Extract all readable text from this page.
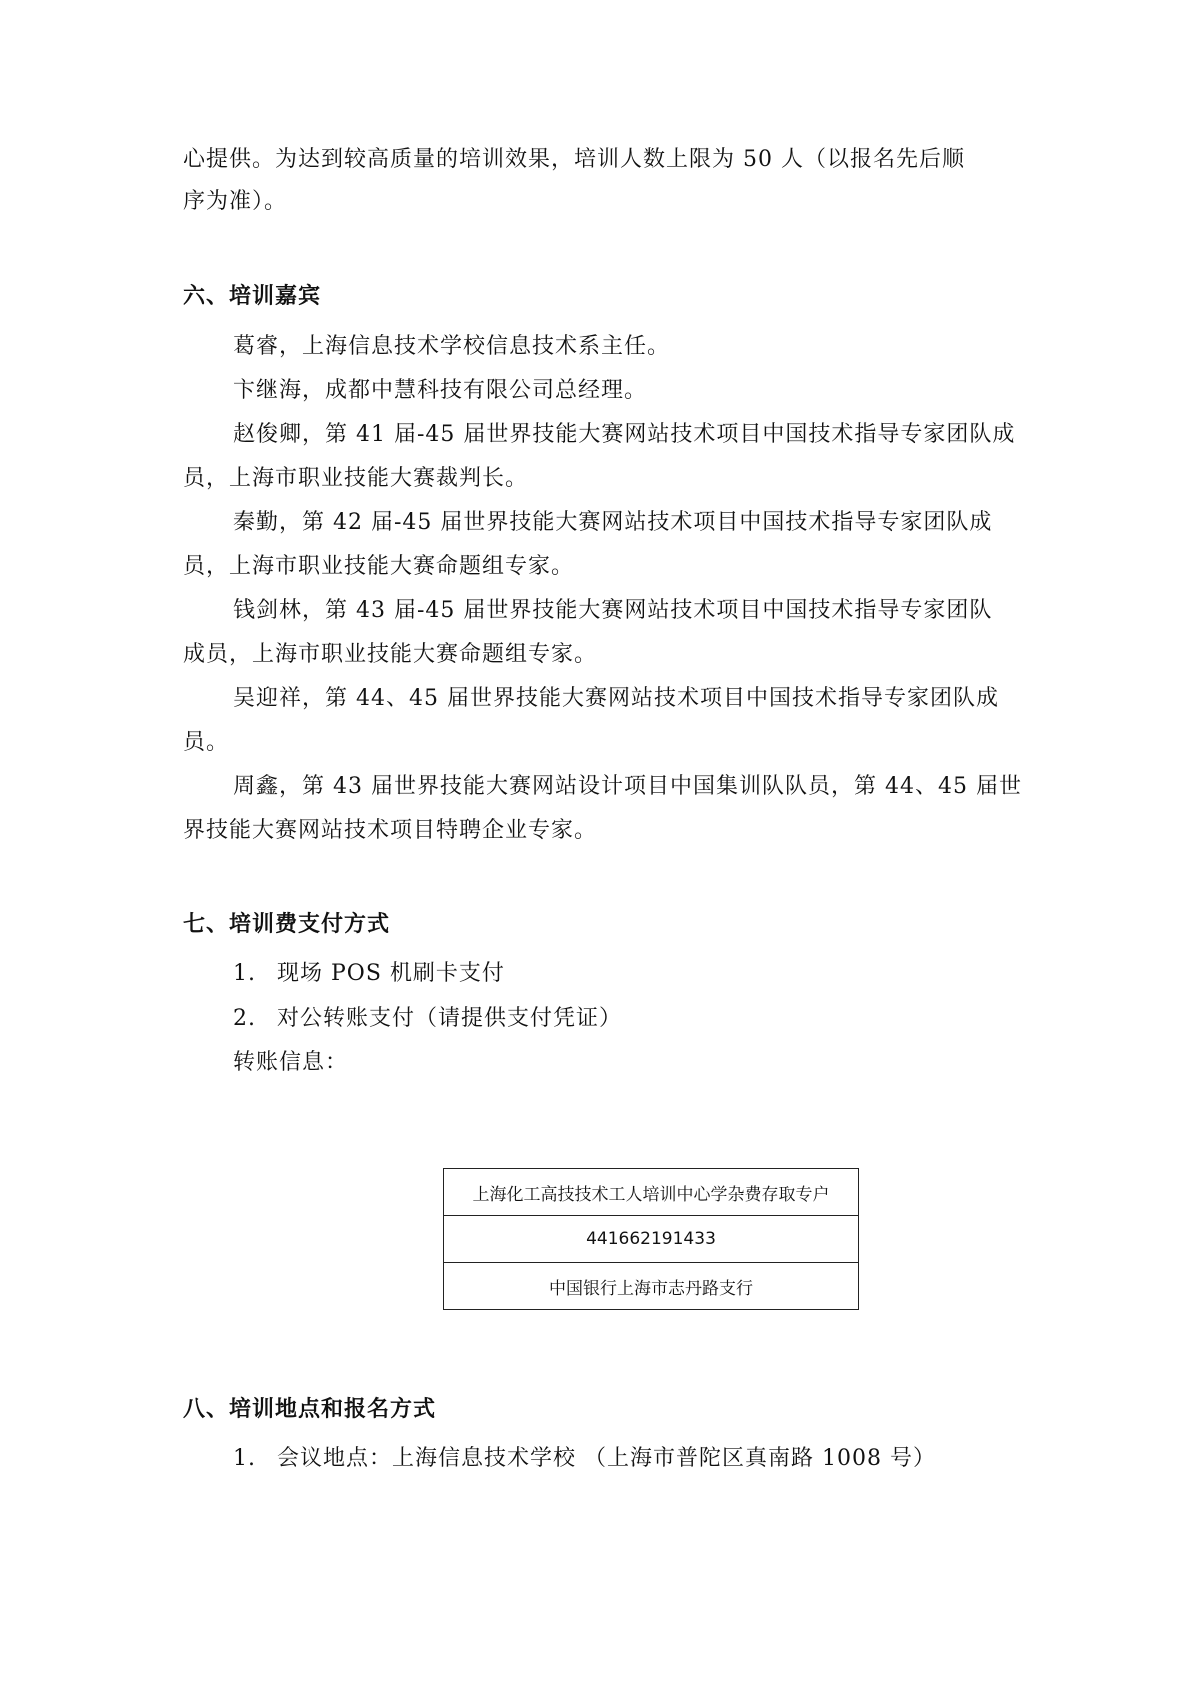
心提供。为达到较高质量的培训效果，培训人数上限为 50 人（以报名先后顺
序为准）。
六、培训嘉宾
葛睿，上海信息技术学校信息技术系主任。
卞继海，成都中慧科技有限公司总经理。
赵俊卿，第 41 届-45 届世界技能大赛网站技术项目中国技术指导专家团队成
员，上海市职业技能大赛裁判长。
秦勤，第 42 届-45 届世界技能大赛网站技术项目中国技术指导专家团队成
员，上海市职业技能大赛命题组专家。
钱剑林，第 43 届-45 届世界技能大赛网站技术项目中国技术指导专家团队
成员，上海市职业技能大赛命题组专家。
吴迎祥，第 44、45 届世界技能大赛网站技术项目中国技术指导专家团队成
员。
周鑫，第 43 届世界技能大赛网站设计项目中国集训队队员，第 44、45 届世
界技能大赛网站技术项目特聘企业专家。
七、培训费支付方式
1. 现场 POS 机刷卡支付
2. 对公转账支付（请提供支付凭证）
转账信息：
上海化工高技技术工人培训中心学杂费存取专户
441662191433
中国银行上海市志丹路支行
八、培训地点和报名方式
1. 会议地点：上海信息技术学校 （上海市普陀区真南路 1008 号）
